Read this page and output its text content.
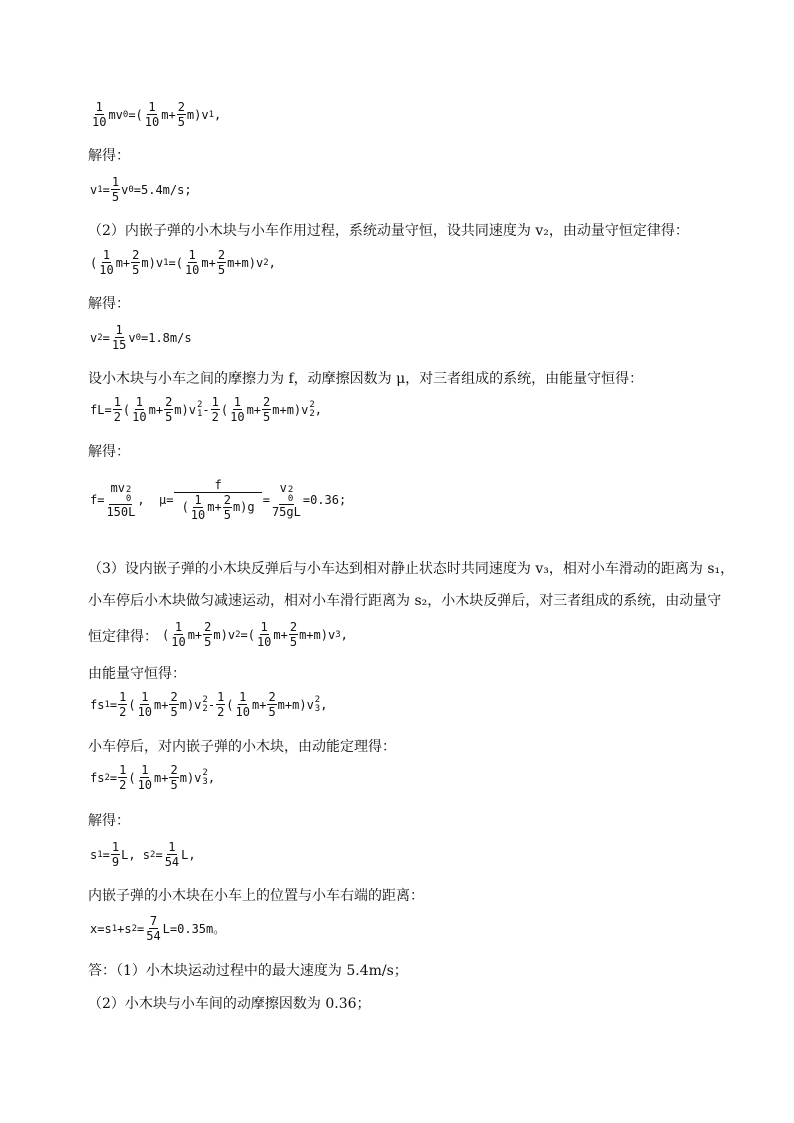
$\frac{1}{10}$ mv 0 =( $\frac{1}{10} m+ \frac{2}{5} m)v$ 1 ,
解得：
v $1 = \frac{1}{5}$ v 0 =5.4m/s;
（2）内嵌子弹的小木块与小车作用过程，系统动量守恒，设共同速度为 v₂，由动量守恒定律得：
( $\frac{1}{10} m+ \frac{2}{5} m)v$ 1 =( $\frac{1}{10} m+ \frac{2}{5} m+m)v$ 2 ,
解得：
v $2 = \frac{1}{15}$ v 0 =1.8m/s
设小木块与小车之间的摩擦力为 f，动摩擦因数为 μ，对三者组成的系统，由能量守恒得：
$fL= \frac{1}{2}$ ( $\frac{1}{10} m+ \frac{2}{5} m)v$ 2
$1 - \frac{1}{2}$ ( $\frac{1}{10} m+ \frac{2}{5} m+m)v$ 2
2 ,
解得：
f= mv 2
0
150L ,  $\mu= \frac{f}{( \frac{1}{10} m+ \frac{2}{5} m)g} = v$ 2
0
75gL =0.36;
（3）设内嵌子弹的小木块反弹后与小车达到相对静止状态时共同速度为 v₃，相对小车滑动的距离为 s₁，
小车停后小木块做匀减速运动，相对小车滑行距离为 s₂，小木块反弹后，对三者组成的系统，由动量守
恒定律得： ( $\frac{1}{10} m+ \frac{2}{5} m)v$ 2 =( $\frac{1}{10} m+ \frac{2}{5} m+m)v$ 3 ,
由能量守恒得：
fs $1 = \frac{1}{2}$ ( $\frac{1}{10} m+ \frac{2}{5} m)v$ 2
$2 - \frac{1}{2}$ ( $\frac{1}{10} m+ \frac{2}{5} m+m)v$ 2
3 ,
小车停后，对内嵌子弹的小木块，由动能定理得：
fs $2 = \frac{1}{2}$ ( $\frac{1}{10} m+ \frac{2}{5} m)v$ 2
3 ,
解得：
s $1 = \frac{1}{9} L$, s $2 = \frac{1}{54} L$,
内嵌子弹的小木块在小车上的位置与小车右端的距离：
x=s 1 +s $2 = \frac{7}{54} L=0.35m$。
答：（1）小木块运动过程中的最大速度为 5.4m/s；
（2）小木块与小车间的动摩擦因数为 0.36；
